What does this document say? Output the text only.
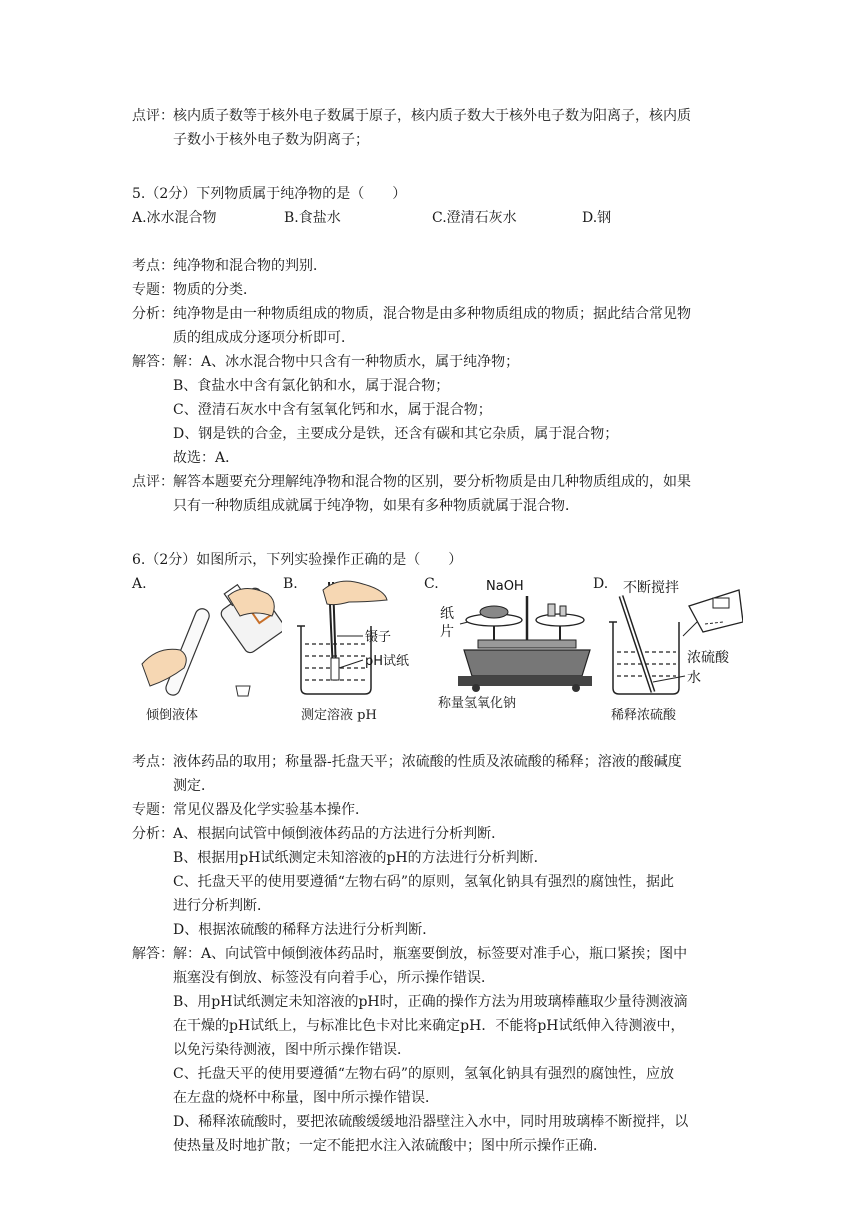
点评： 核内质子数等于核外电子数属于原子，核内质子数大于核外电子数为阳离子，核内质

子数小于核外电子数为阴离子；

5.（2分）下列物质属于纯净物的是（　　）

A.冰水混合物	B.食盐水	C.澄清石灰水	D.钢
考点： 纯净物和混合物的判别．
专题： 物质的分类．
分析： 纯净物是由一种物质组成的物质，混合物是由多种物质组成的物质；据此结合常见物

质的组成成分逐项分析即可．

解答： 解：A、冰水混合物中只含有一种物质水，属于纯净物；

B、食盐水中含有氯化钠和水，属于混合物；

C、澄清石灰水中含有氢氧化钙和水，属于混合物；

D、钢是铁的合金，主要成分是铁，还含有碳和其它杂质，属于混合物；

故选：A．

点评： 解答本题要充分理解纯净物和混合物的区别，要分析物质是由几种物质组成的，如果

只有一种物质组成就属于纯净物，如果有多种物质就属于混合物．

6.（2分）如图所示，下列实验操作正确的是（　　）

A.
倾倒液体
B.
镊子
pH试纸
测定溶液 pH
C.	NaOH
纸
片
称量氢氧化钠
D. 不断搅拌
浓硫酸
水
稀释浓硫酸
考点： 液体药品的取用；称量器-托盘天平；浓硫酸的性质及浓硫酸的稀释；溶液的酸碱度

测定．

专题： 常见仪器及化学实验基本操作．
分析： A、根据向试管中倾倒液体药品的方法进行分析判断．

B、根据用pH试纸测定未知溶液的pH的方法进行分析判断．

C、托盘天平的使用要遵循“左物右码”的原则，氢氧化钠具有强烈的腐蚀性，据此

进行分析判断．

D、根据浓硫酸的稀释方法进行分析判断．

解答： 解：A、向试管中倾倒液体药品时，瓶塞要倒放，标签要对准手心，瓶口紧挨；图中

瓶塞没有倒放、标签没有向着手心，所示操作错误．

B、用pH试纸测定未知溶液的pH时，正确的操作方法为用玻璃棒蘸取少量待测液滴

在干燥的pH试纸上，与标准比色卡对比来确定pH．不能将pH试纸伸入待测液中，

以免污染待测液，图中所示操作错误．

C、托盘天平的使用要遵循“左物右码”的原则，氢氧化钠具有强烈的腐蚀性，应放

在左盘的烧杯中称量，图中所示操作错误．

D、稀释浓硫酸时，要把浓硫酸缓缓地沿器壁注入水中，同时用玻璃棒不断搅拌，以

使热量及时地扩散；一定不能把水注入浓硫酸中；图中所示操作正确．
